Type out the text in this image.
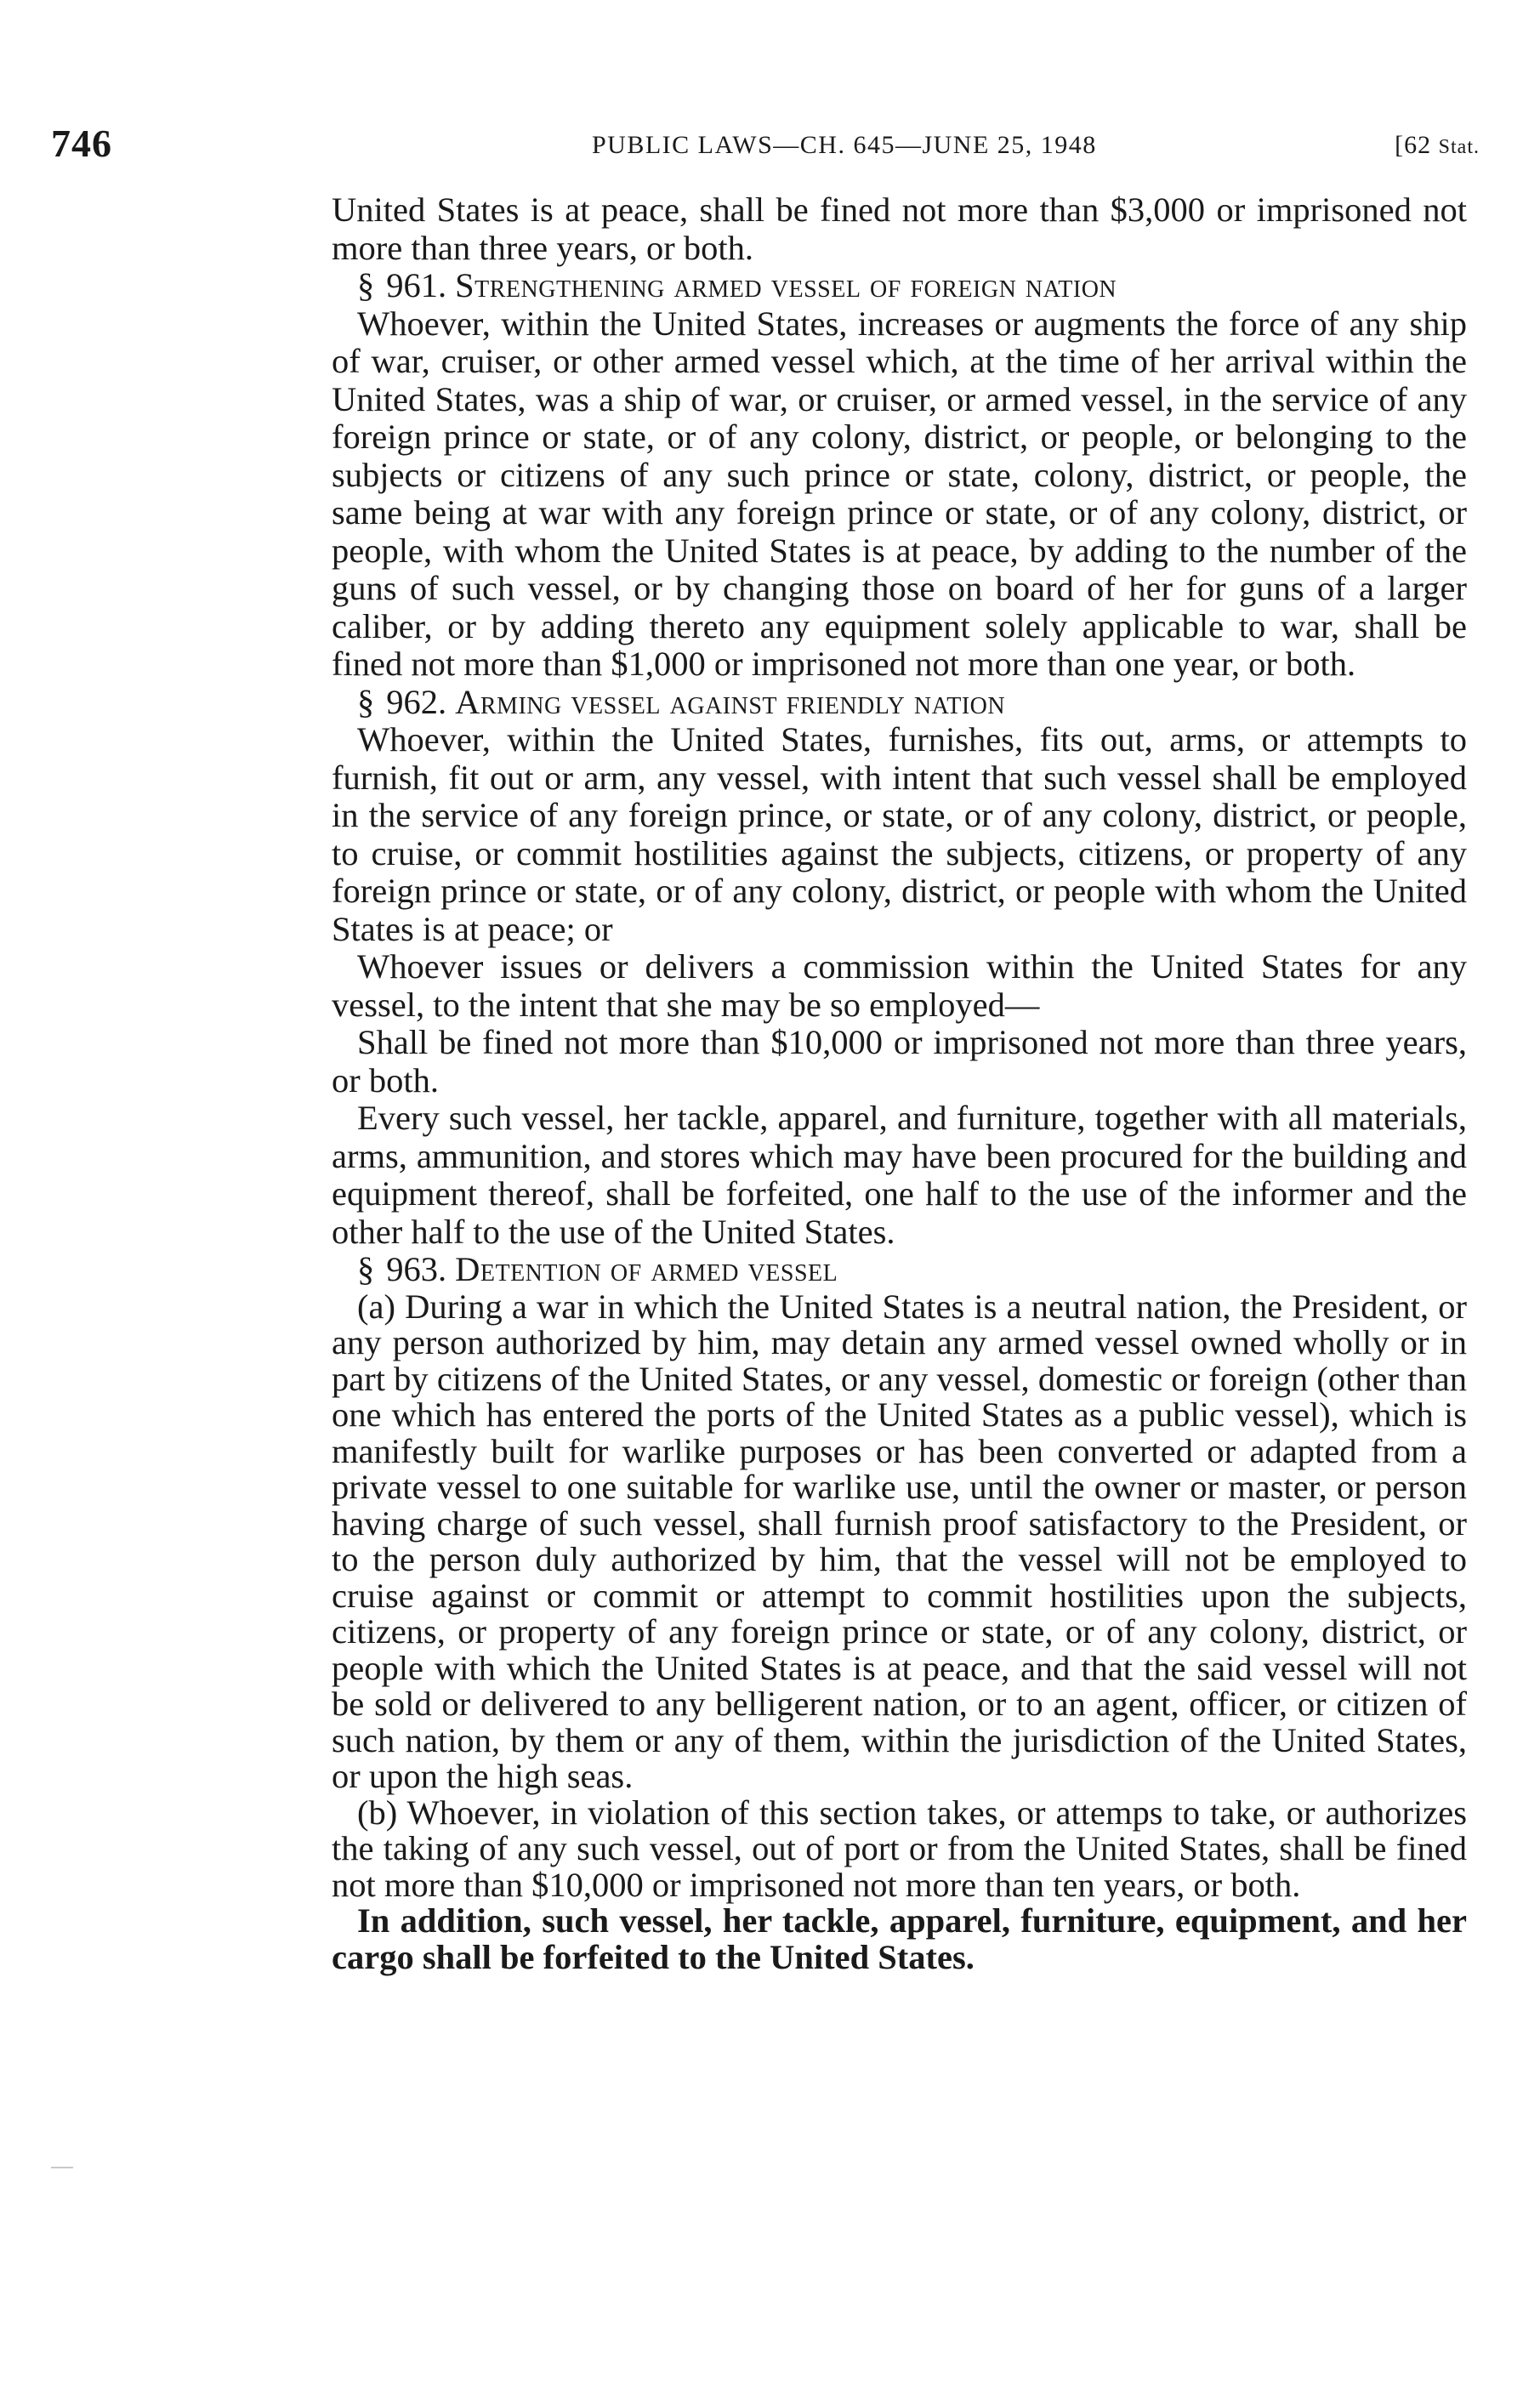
746	PUBLIC LAWS—CH. 645—JUNE 25, 1948	[62 Stat.

United States is at peace, shall be fined not more than $3,000 or imprisoned not more than three years, or both.

§ 961. Strengthening armed vessel of foreign nation

Whoever, within the United States, increases or augments the force of any ship of war, cruiser, or other armed vessel which, at the time of her arrival within the United States, was a ship of war, or cruiser, or armed vessel, in the service of any foreign prince or state, or of any colony, district, or people, or belonging to the subjects or citizens of any such prince or state, colony, district, or people, the same being at war with any foreign prince or state, or of any colony, district, or people, with whom the United States is at peace, by adding to the number of the guns of such vessel, or by changing those on board of her for guns of a larger caliber, or by adding thereto any equipment solely applicable to war, shall be fined not more than $1,000 or imprisoned not more than one year, or both.

§ 962. Arming vessel against friendly nation

Whoever, within the United States, furnishes, fits out, arms, or attempts to furnish, fit out or arm, any vessel, with intent that such vessel shall be employed in the service of any foreign prince, or state, or of any colony, district, or people, to cruise, or commit hostilities against the subjects, citizens, or property of any foreign prince or state, or of any colony, district, or people with whom the United States is at peace; or

Whoever issues or delivers a commission within the United States for any vessel, to the intent that she may be so employed—

Shall be fined not more than $10,000 or imprisoned not more than three years, or both.

Every such vessel, her tackle, apparel, and furniture, together with all materials, arms, ammunition, and stores which may have been procured for the building and equipment thereof, shall be forfeited, one half to the use of the informer and the other half to the use of the United States.

§ 963. Detention of armed vessel

(a) During a war in which the United States is a neutral nation, the President, or any person authorized by him, may detain any armed vessel owned wholly or in part by citizens of the United States, or any vessel, domestic or foreign (other than one which has entered the ports of the United States as a public vessel), which is manifestly built for warlike purposes or has been converted or adapted from a private vessel to one suitable for warlike use, until the owner or master, or person having charge of such vessel, shall furnish proof satisfactory to the President, or to the person duly authorized by him, that the vessel will not be employed to cruise against or commit or attempt to commit hostilities upon the subjects, citizens, or property of any foreign prince or state, or of any colony, district, or people with which the United States is at peace, and that the said vessel will not be sold or delivered to any belligerent nation, or to an agent, officer, or citizen of such nation, by them or any of them, within the jurisdiction of the United States, or upon the high seas.

(b) Whoever, in violation of this section takes, or attemps to take, or authorizes the taking of any such vessel, out of port or from the United States, shall be fined not more than $10,000 or imprisoned not more than ten years, or both.

In addition, such vessel, her tackle, apparel, furniture, equipment, and her cargo shall be forfeited to the United States.
